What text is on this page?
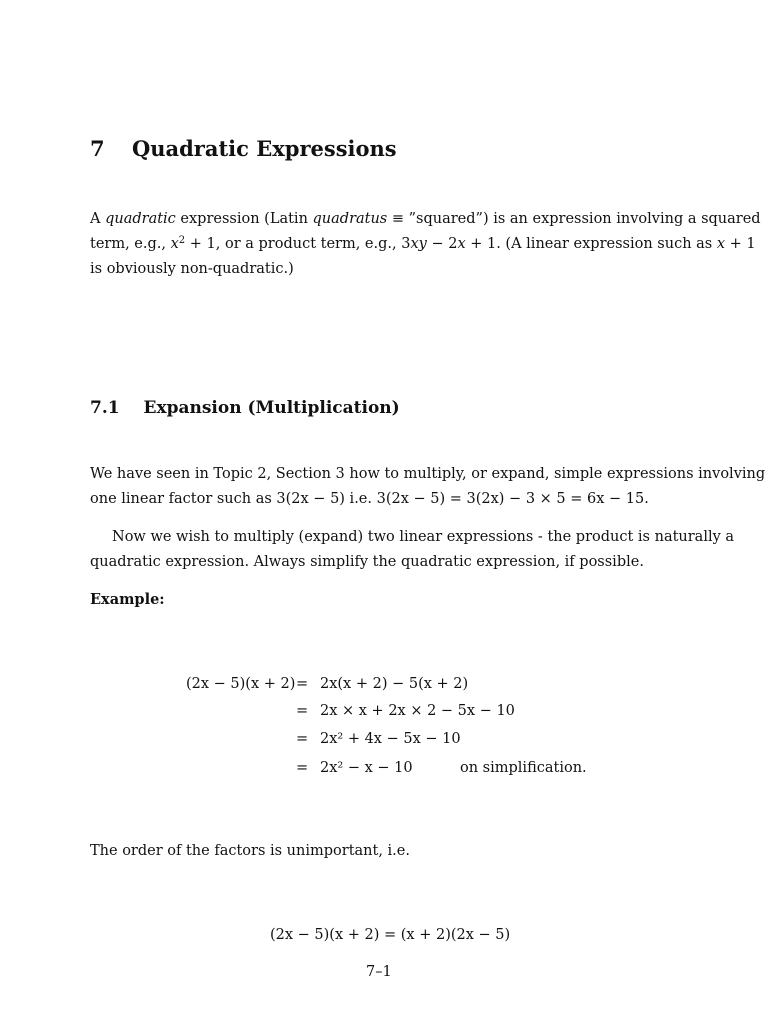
7 Quadratic Expressions
A quadratic expression (Latin quadratus ≡ ”squared”) is an expression involving a squared
term, e.g., $x^2 + 1$, or a product term, e.g., 3xy − 2x + 1. (A linear expression such as x + 1
is obviously non-quadratic.)
7.1 Expansion (Multiplication)
We have seen in Topic 2, Section 3 how to multiply, or expand, simple expressions involving
one linear factor such as 3(2x − 5) i.e. 3(2x − 5) = 3(2x) − 3 × 5 = 6x − 15.
Now we wish to multiply (expand) two linear expressions - the product is naturally a
quadratic expression. Always simplify the quadratic expression, if possible.
Example:
(2x − 5)(x + 2) = 2x(x + 2) − 5(x + 2)
= 2x × x + 2x × 2 − 5x − 10
= 2x² + 4x − 5x − 10
= 2x² − x − 10	on simplification.
The order of the factors is unimportant, i.e.
(2x − 5)(x + 2) = (x + 2)(2x − 5)
7–1
